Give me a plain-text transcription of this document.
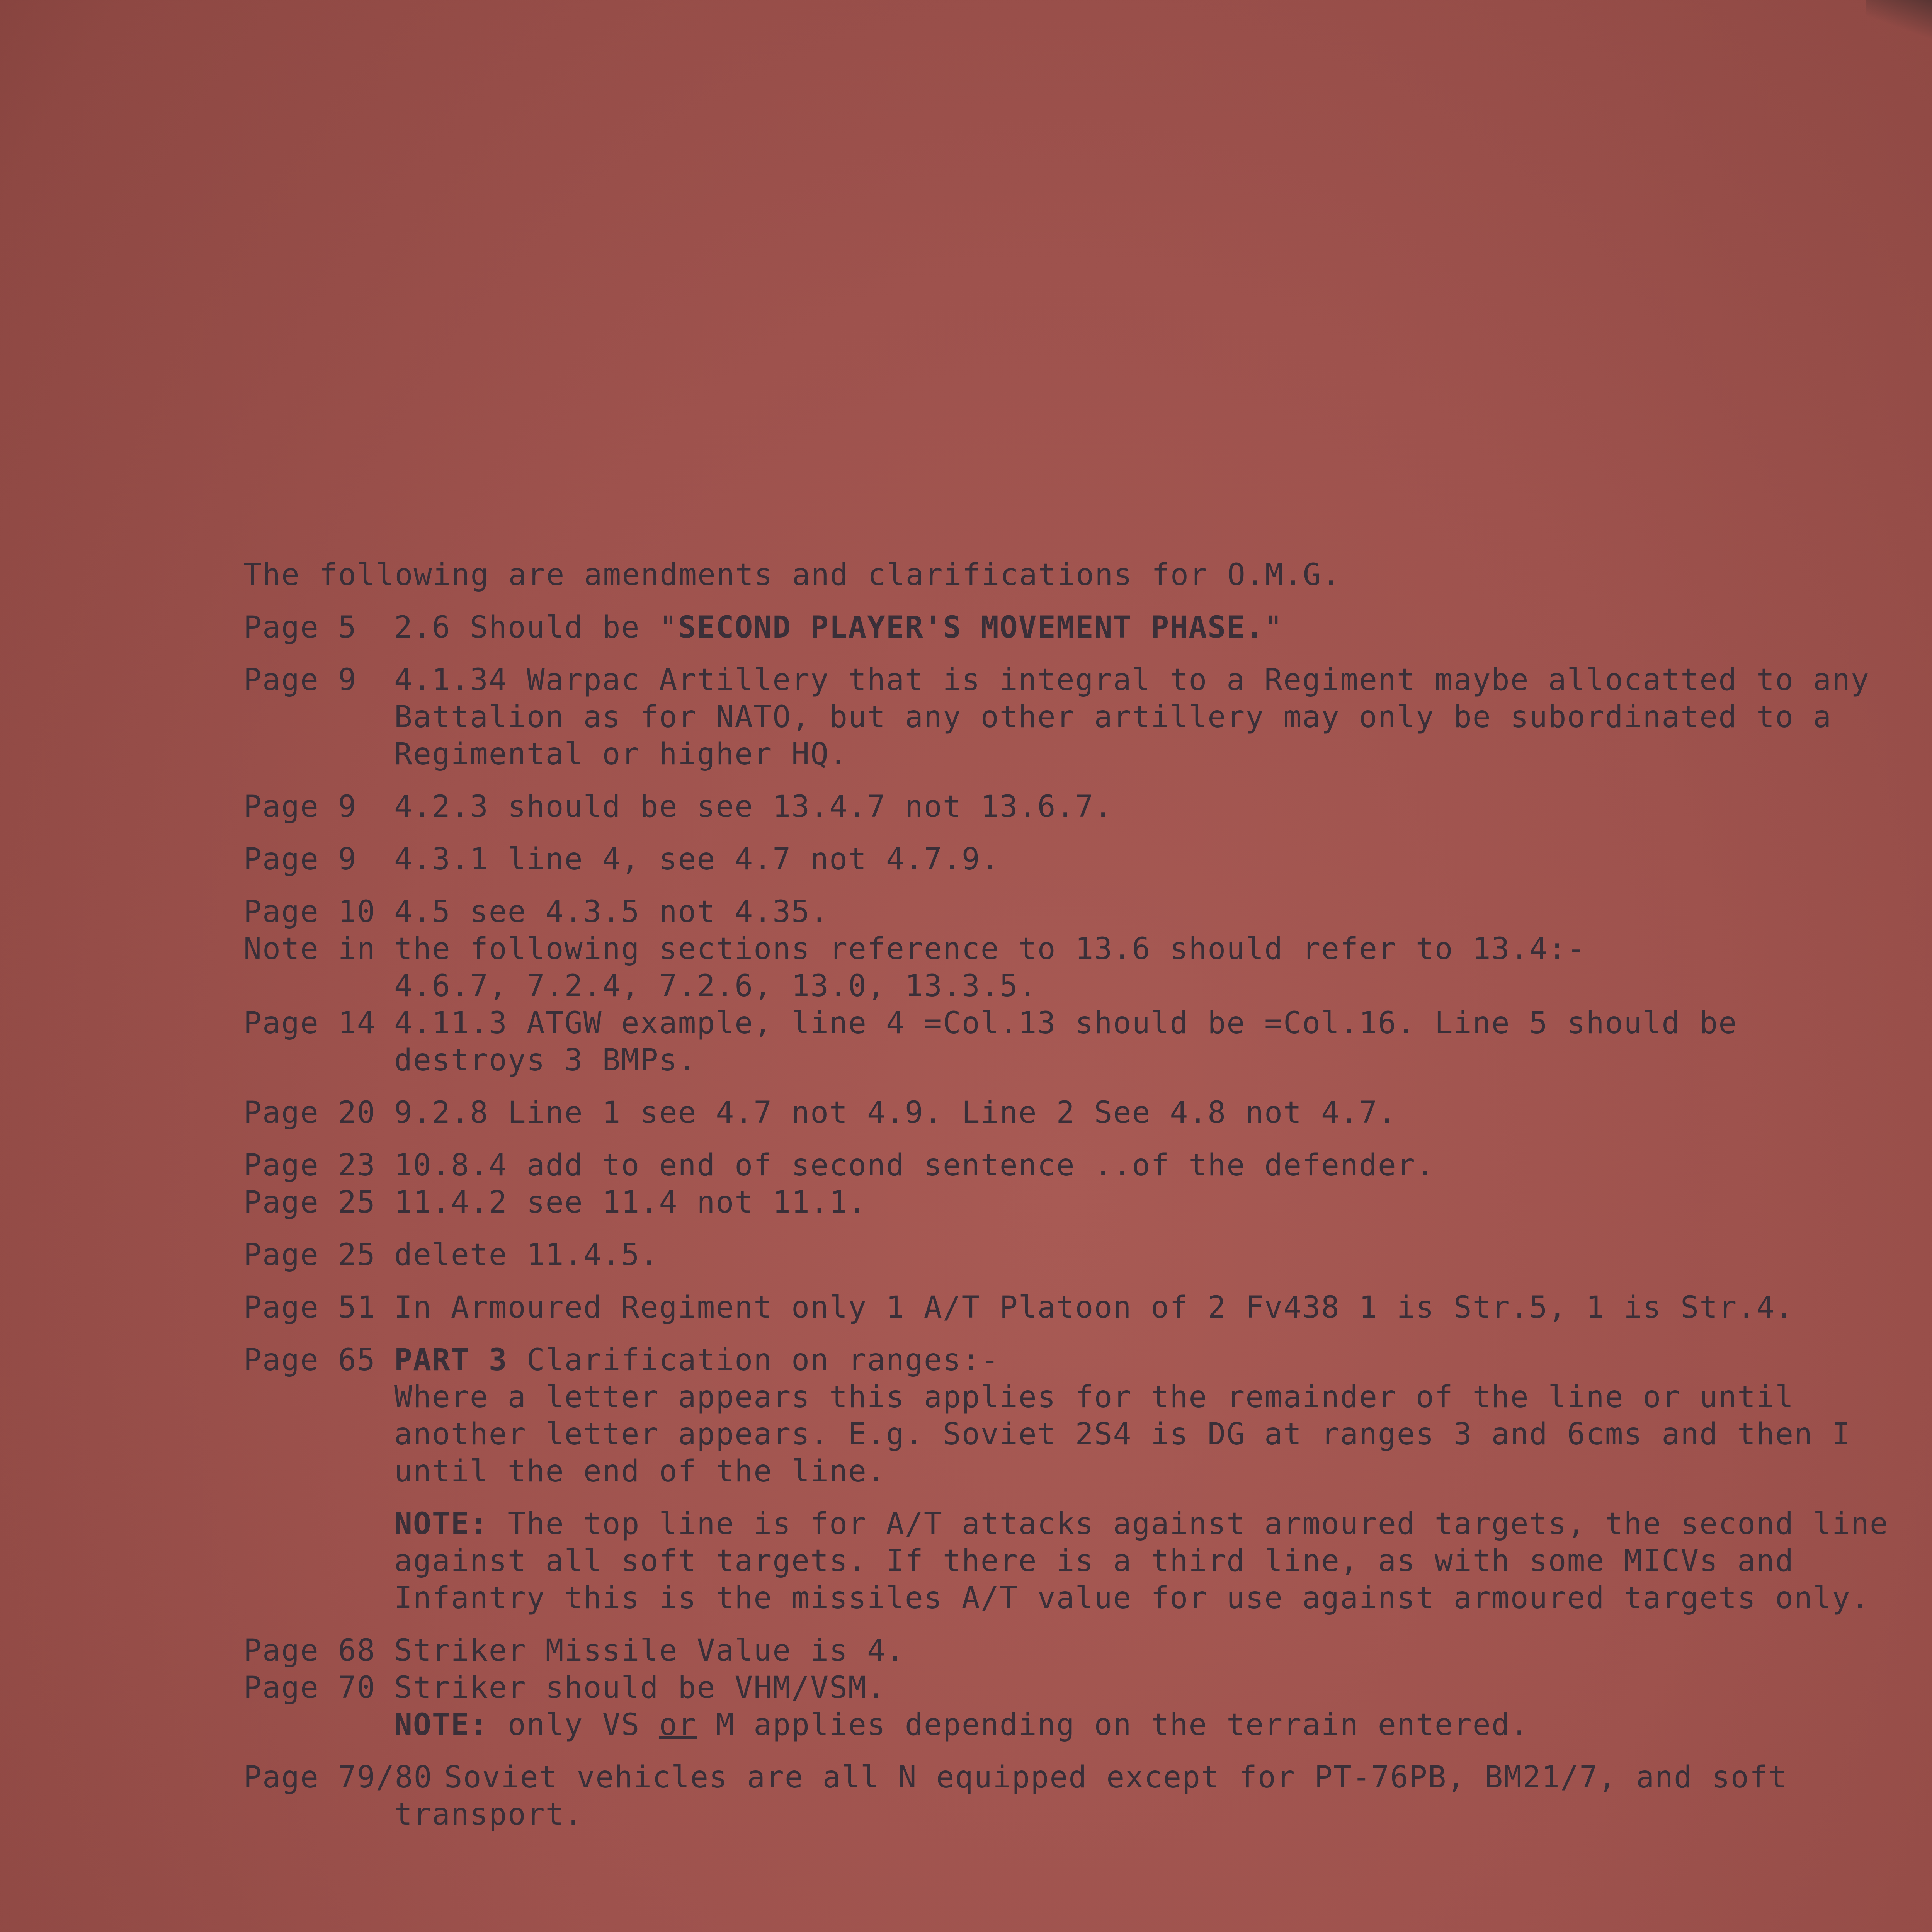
The following are amendments and clarifications for O.M.G.
Page 5	2.6 Should be "SECOND PLAYER'S MOVEMENT PHASE."
Page 9	4.1.34 Warpac Artillery that is integral to a Regiment maybe allocatted to any Battalion as for NATO, but any other artillery may only be subordinated to a Regimental or higher HQ.
Page 9	4.2.3 should be see 13.4.7 not 13.6.7.
Page 9	4.3.1 line 4, see 4.7 not 4.7.9.
Page 10 4.5 see 4.3.5 not 4.35.
Note in the following sections reference to 13.6 should refer to 13.4:-
4.6.7, 7.2.4, 7.2.6, 13.0, 13.3.5.
Page 14 4.11.3 ATGW example, line 4 =Col.13 should be =Col.16. Line 5 should be destroys 3 BMPs.
Page 20 9.2.8 Line 1 see 4.7 not 4.9. Line 2 See 4.8 not 4.7.
Page 23 10.8.4 add to end of second sentence ..of the defender.
Page 25 11.4.2 see 11.4 not 11.1.
Page 25 delete 11.4.5.
Page 51 In Armoured Regiment only 1 A/T Platoon of 2 Fv438 1 is Str.5, 1 is Str.4.
Page 65 PART 3 Clarification on ranges:-
Where a letter appears this applies for the remainder of the line or until another letter appears. E.g. Soviet 2S4 is DG at ranges 3 and 6cms and then I until the end of the line.
NOTE: The top line is for A/T attacks against armoured targets, the second line against all soft targets. If there is a third line, as with some MICVs and Infantry this is the missiles A/T value for use against armoured targets only.
Page 68 Striker Missile Value is 4.
Page 70 Striker should be VHM/VSM.
NOTE: only VS or M applies depending on the terrain entered.
Page 79/80 Soviet vehicles are all N equipped except for PT-76PB, BM21/7, and soft
transport.
